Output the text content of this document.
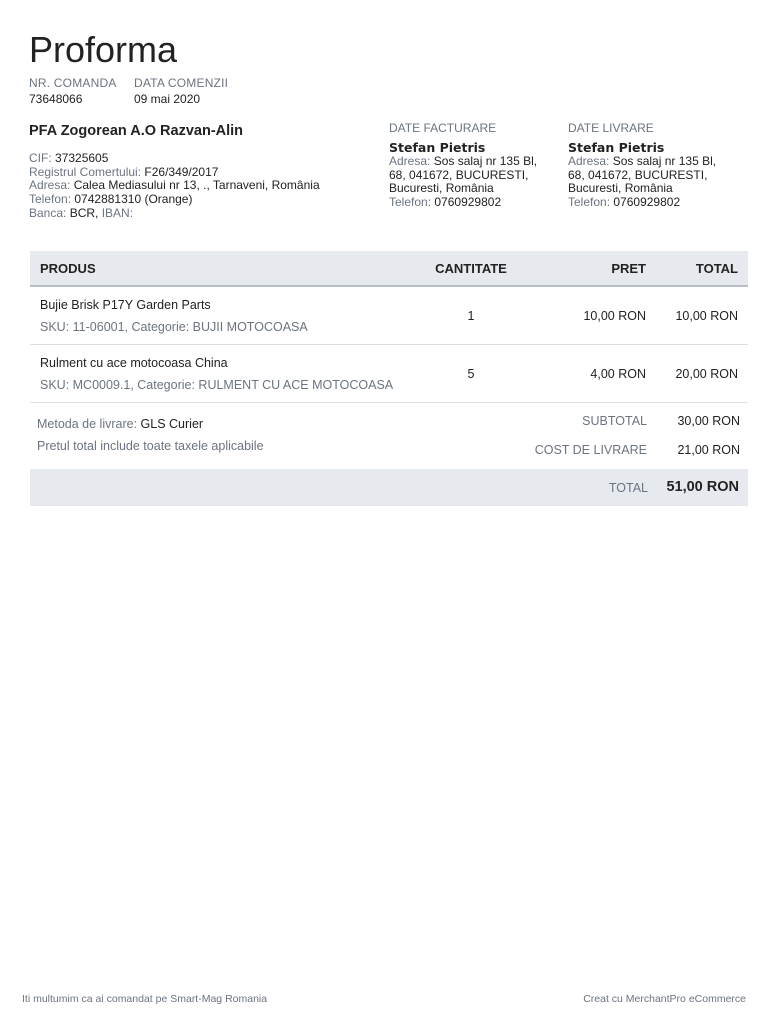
Proforma
NR. COMANDA
73648066
DATA COMENZII
09 mai 2020
PFA Zogorean A.O Razvan-Alin
CIF: 37325605
Registrul Comertului: F26/349/2017
Adresa: Calea Mediasului nr 13, ., Tarnaveni, România
Telefon: 0742881310 (Orange)
Banca: BCR, IBAN:
DATE FACTURARE
Stefan Pietris
Adresa: Sos salaj nr 135 Bl,
68, 041672, BUCURESTI,
Bucuresti, România
Telefon: 0760929802
DATE LIVRARE
Stefan Pietris
Adresa: Sos salaj nr 135 Bl,
68, 041672, BUCURESTI,
Bucuresti, România
Telefon: 0760929802
PRODUS	CANTITATE	PRET	TOTAL

Bujie Brisk P17Y Garden Parts
SKU: 11-06001, Categorie: BUJII MOTOCOASA	1	10,00 RON	10,00 RON

Rulment cu ace motocoasa China
SKU: MC0009.1, Categorie: RULMENT CU ACE MOTOCOASA	5	4,00 RON	20,00 RON
Metoda de livrare: GLS Curier
Pretul total include toate taxele aplicabile
SUBTOTAL	30,00 RON
COST DE LIVRARE	21,00 RON
TOTAL 51,00 RON
Iti multumim ca ai comandat pe Smart-Mag Romania	Creat cu MerchantPro eCommerce
